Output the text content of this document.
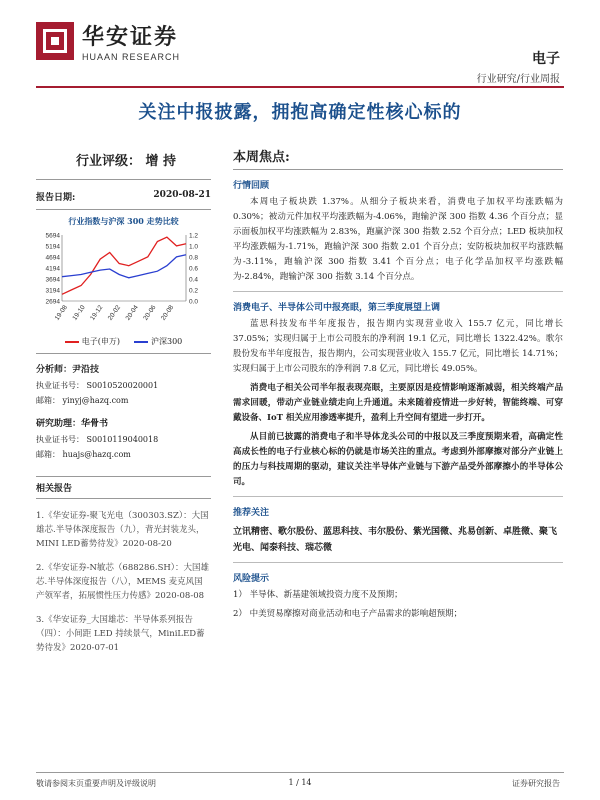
华安证券
HUAAN RESEARCH	电子
行业研究/行业周报
关注中报披露，拥抱高确定性核心标的
行业评级： 增 持
报告日期:	2020-08-21
行业指数与沪深 300 走势比较
2694	0.0
3194	0.2
3694	0.4
4194	0.6
4694	0.8
5194	1.0
5694	1.2
19-08 19-10 19-12 20-02 20-04 20-06 20-08
电子(申万)	沪深300
分析师：尹沿技
执业证书号： S0010520020001
邮箱： yinyj@hazq.com
研究助理：华骨书
执业证书号： S0010119040018
邮箱： huajs@hazq.com
相关报告
1.《华安证券-聚飞光电（300303.SZ）：大国雄芯.半导体深度报告（九），背光封装龙头，MINI LED蓄势待发》2020-08-20
2.《华安证券-N敏芯（688286.SH）：大国雄芯.半导体深度报告（八），MEMS 麦克风国产领军者，拓展惯性压力传感》2020-08-08
3.《华安证券_大国雄芯：半导体系列报告（四）：小间距 LED 持续景气，MiniLED蓄势待发》2020-07-01
本周焦点:
行情回顾
本周电子板块跌 1.37%。从细分子板块来看，消费电子加权平均涨跌幅为 0.30%；被动元件加权平均涨跌幅为-4.06%，跑输沪深 300 指数 4.36 个百分点；显示面板加权平均涨跌幅为 2.83%，跑赢沪深 300 指数 2.52 个百分点；LED 板块加权平均涨跌幅为-1.71%，跑输沪深 300 指数 2.01 个百分点；安防板块加权平均涨跌幅为-3.11%，跑输沪深 300 指数 3.41 个百分点；电子化学品加权平均涨跌幅为-2.84%，跑输沪深 300 指数 3.14 个百分点。
消费电子、半导体公司中报亮眼，第三季度展望上调
蓝思科技发布半年度报告，报告期内实现营业收入 155.7 亿元，同比增长 37.05%；实现归属于上市公司股东的净利润 19.1 亿元，同比增长 1322.42%。歌尔股份发布半年度报告，报告期内，公司实现营业收入 155.7 亿元，同比增长 14.71%；实现归属于上市公司股东的净利润 7.8 亿元，同比增长 49.05%。
消费电子相关公司半年报表现亮眼，主要原因是疫情影响逐渐减弱，相关终端产品需求回暖，带动产业链业绩走向上升通道。未来随着疫情进一步好转，智能终端、可穿戴设备、IoT 相关应用渗透率提升，盈利上升空间有望进一步打开。
从目前已披露的消费电子和半导体龙头公司的中报以及三季度预期来看，高确定性高成长性的电子行业核心标的仍就是市场关注的重点。考虑到外部摩擦对部分产业链上的压力与科技周期的驱动，建议关注半导体产业链与下游产品受外部摩擦小的半导体公司。
推荐关注
立讯精密、歌尔股份、蓝思科技、韦尔股份、紫光国微、兆易创新、卓胜微、聚飞光电、闻泰科技、瑞芯微
风险提示
1） 半导体、新基建领域投资力度不及预期；
2） 中美贸易摩擦对商业活动和电子产品需求的影响超预期；
敬请参阅末页重要声明及评级说明	1 / 14	证券研究报告
